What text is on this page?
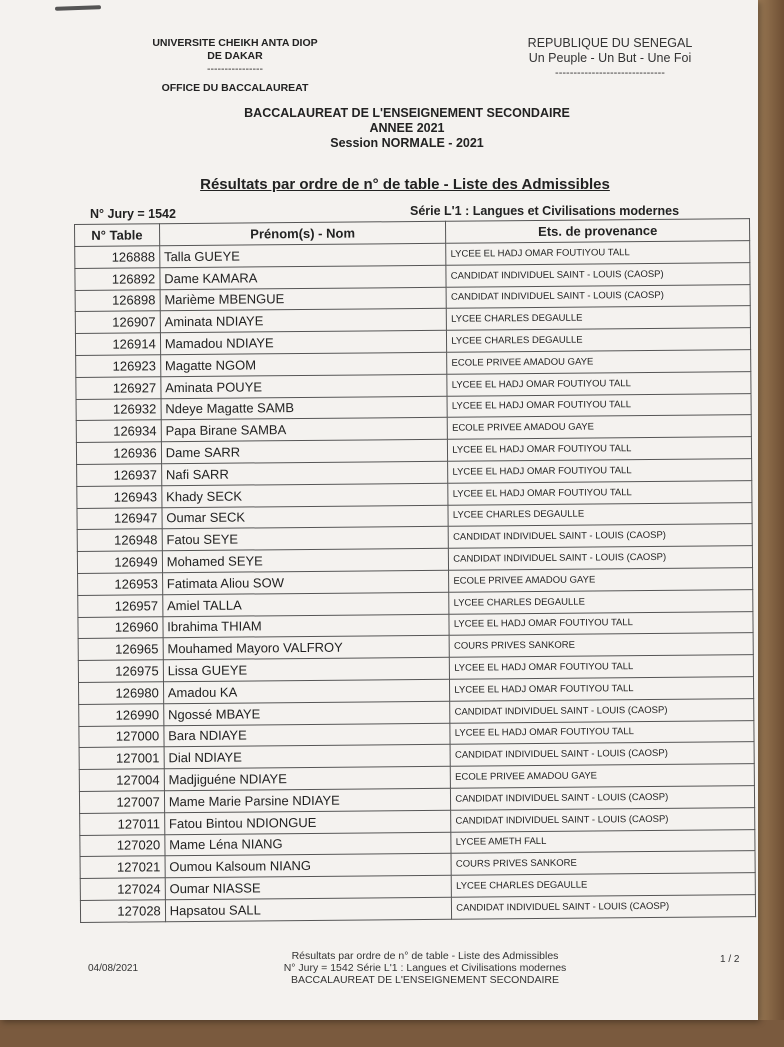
UNIVERSITE CHEIKH ANTA DIOP
DE DAKAR
----------------
OFFICE DU BACCALAUREAT
REPUBLIQUE DU SENEGAL
Un Peuple - Un But - Une Foi
------------------------------
BACCALAUREAT DE L'ENSEIGNEMENT SECONDAIRE
ANNEE 2021
Session NORMALE - 2021
Résultats par ordre de n° de table - Liste des Admissibles
N° Jury = 1542	Série L'1 : Langues et Civilisations modernes
N° Table	Prénom(s) - Nom	Ets. de provenance
126888	Talla GUEYE	LYCEE EL HADJ OMAR FOUTIYOU TALL
126892	Dame KAMARA	CANDIDAT INDIVIDUEL SAINT - LOUIS (CAOSP)
126898	Marième MBENGUE	CANDIDAT INDIVIDUEL SAINT - LOUIS (CAOSP)
126907	Aminata NDIAYE	LYCEE CHARLES DEGAULLE
126914	Mamadou NDIAYE	LYCEE CHARLES DEGAULLE
126923	Magatte NGOM	ECOLE PRIVEE AMADOU GAYE
126927	Aminata POUYE	LYCEE EL HADJ OMAR FOUTIYOU TALL
126932	Ndeye Magatte SAMB	LYCEE EL HADJ OMAR FOUTIYOU TALL
126934	Papa Birane SAMBA	ECOLE PRIVEE AMADOU GAYE
126936	Dame SARR	LYCEE EL HADJ OMAR FOUTIYOU TALL
126937	Nafi SARR	LYCEE EL HADJ OMAR FOUTIYOU TALL
126943	Khady SECK	LYCEE EL HADJ OMAR FOUTIYOU TALL
126947	Oumar SECK	LYCEE CHARLES DEGAULLE
126948	Fatou SEYE	CANDIDAT INDIVIDUEL SAINT - LOUIS (CAOSP)
126949	Mohamed SEYE	CANDIDAT INDIVIDUEL SAINT - LOUIS (CAOSP)
126953	Fatimata Aliou SOW	ECOLE PRIVEE AMADOU GAYE
126957	Amiel TALLA	LYCEE CHARLES DEGAULLE
126960	Ibrahima THIAM	LYCEE EL HADJ OMAR FOUTIYOU TALL
126965	Mouhamed Mayoro VALFROY	COURS PRIVES SANKORE
126975	Lissa GUEYE	LYCEE EL HADJ OMAR FOUTIYOU TALL
126980	Amadou KA	LYCEE EL HADJ OMAR FOUTIYOU TALL
126990	Ngossé MBAYE	CANDIDAT INDIVIDUEL SAINT - LOUIS (CAOSP)
127000	Bara NDIAYE	LYCEE EL HADJ OMAR FOUTIYOU TALL
127001	Dial NDIAYE	CANDIDAT INDIVIDUEL SAINT - LOUIS (CAOSP)
127004	Madjiguéne NDIAYE	ECOLE PRIVEE AMADOU GAYE
127007	Mame Marie Parsine NDIAYE	CANDIDAT INDIVIDUEL SAINT - LOUIS (CAOSP)
127011	Fatou Bintou NDIONGUE	CANDIDAT INDIVIDUEL SAINT - LOUIS (CAOSP)
127020	Mame Léna NIANG	LYCEE AMETH FALL
127021	Oumou Kalsoum NIANG	COURS PRIVES SANKORE
127024	Oumar NIASSE	LYCEE CHARLES DEGAULLE
127028	Hapsatou SALL	CANDIDAT INDIVIDUEL SAINT - LOUIS (CAOSP)
04/08/2021
Résultats par ordre de n° de table - Liste des Admissibles
N° Jury = 1542 Série L'1 : Langues et Civilisations modernes
BACCALAUREAT DE L'ENSEIGNEMENT SECONDAIRE
1 / 2
